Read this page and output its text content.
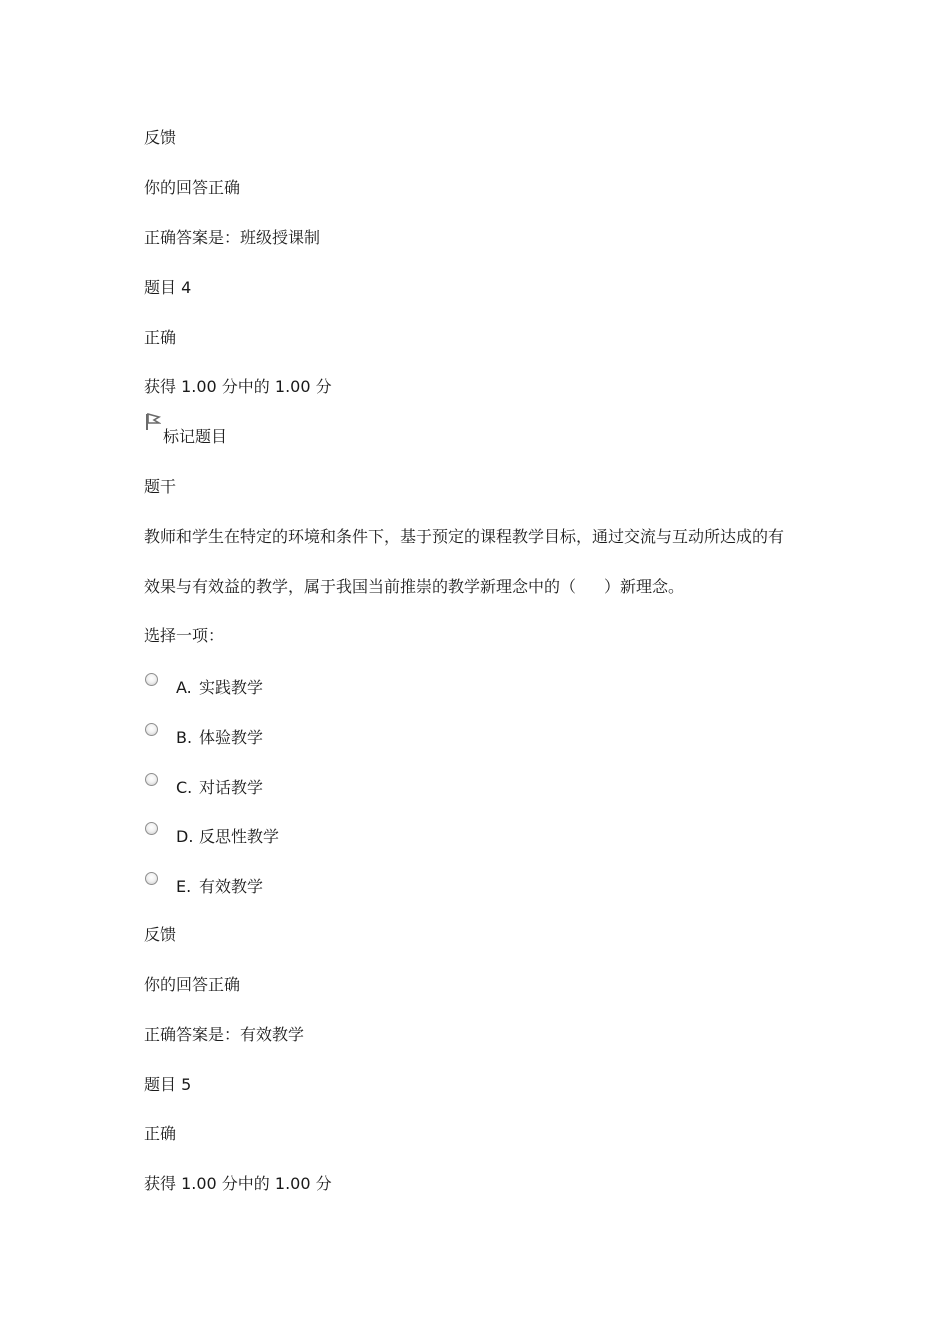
反馈
你的回答正确
正确答案是：班级授课制
题目 4
正确
获得 1.00 分中的 1.00 分
标记题目
题干
教师和学生在特定的环境和条件下，基于预定的课程教学目标，通过交流与互动所达成的有
效果与有效益的教学，属于我国当前推崇的教学新理念中的（ ）新理念。
选择一项：
A. 实践教学
B. 体验教学
C. 对话教学
D. 反思性教学
E. 有效教学
反馈
你的回答正确
正确答案是：有效教学
题目 5
正确
获得 1.00 分中的 1.00 分
